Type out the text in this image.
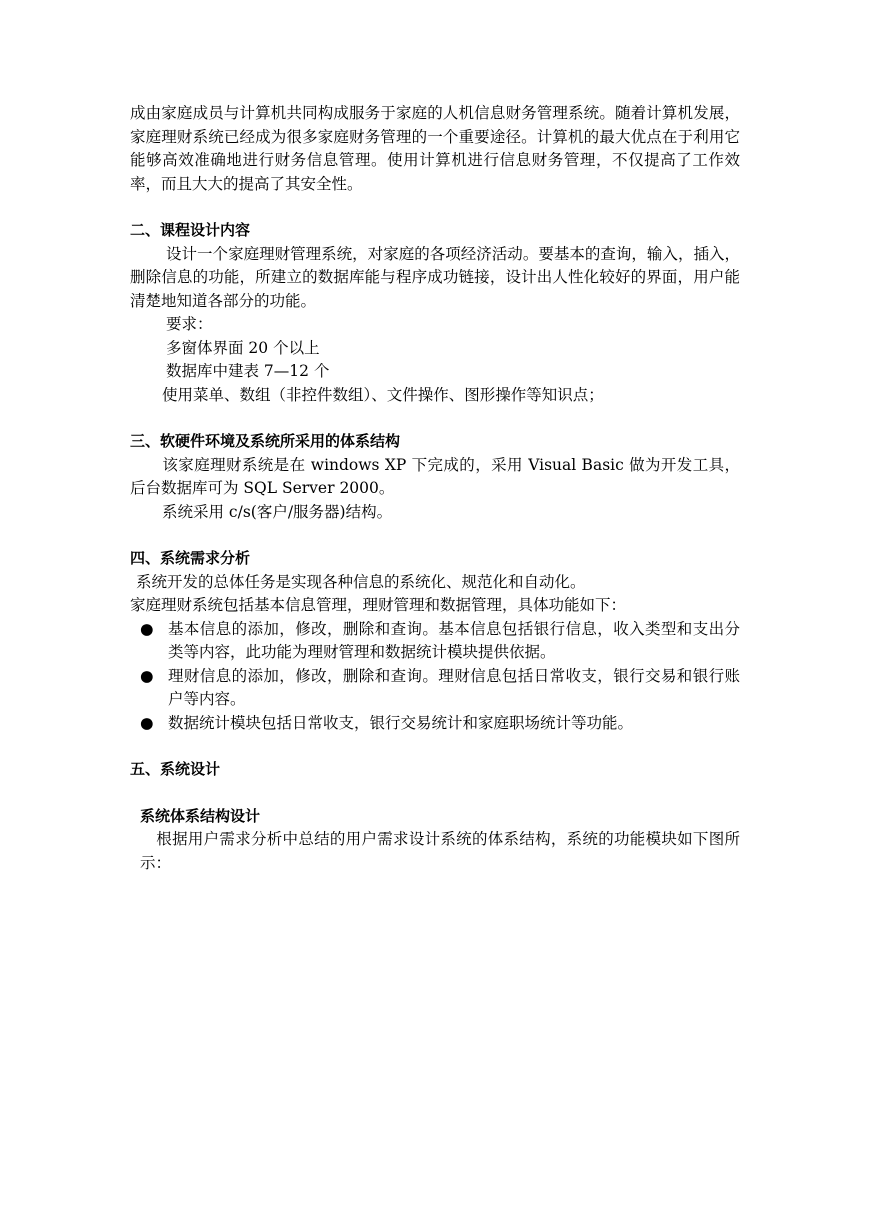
成由家庭成员与计算机共同构成服务于家庭的人机信息财务管理系统。随着计算机发展，家庭理财系统已经成为很多家庭财务管理的一个重要途径。计算机的最大优点在于利用它能够高效准确地进行财务信息管理。使用计算机进行信息财务管理，不仅提高了工作效率，而且大大的提高了其安全性。

二、课程设计内容

设计一个家庭理财管理系统，对家庭的各项经济活动。要基本的查询，输入，插入，删除信息的功能，所建立的数据库能与程序成功链接，设计出人性化较好的界面，用户能清楚地知道各部分的功能。

要求：

多窗体界面 20 个以上

数据库中建表 7—12 个

使用菜单、数组（非控件数组）、文件操作、图形操作等知识点；

三、软硬件环境及系统所采用的体系结构

该家庭理财系统是在 windows XP 下完成的，采用 Visual Basic 做为开发工具，后台数据库可为 SQL Server 2000。

系统采用 c/s(客户/服务器)结构。

四、系统需求分析

系统开发的总体任务是实现各种信息的系统化、规范化和自动化。

家庭理财系统包括基本信息管理，理财管理和数据管理，具体功能如下：

● 基本信息的添加，修改，删除和查询。基本信息包括银行信息，收入类型和支出分类等内容，此功能为理财管理和数据统计模块提供依据。
● 理财信息的添加，修改，删除和查询。理财信息包括日常收支，银行交易和银行账户等内容。
● 数据统计模块包括日常收支，银行交易统计和家庭职场统计等功能。

五、系统设计

系统体系结构设计

根据用户需求分析中总结的用户需求设计系统的体系结构，系统的功能模块如下图所示：
